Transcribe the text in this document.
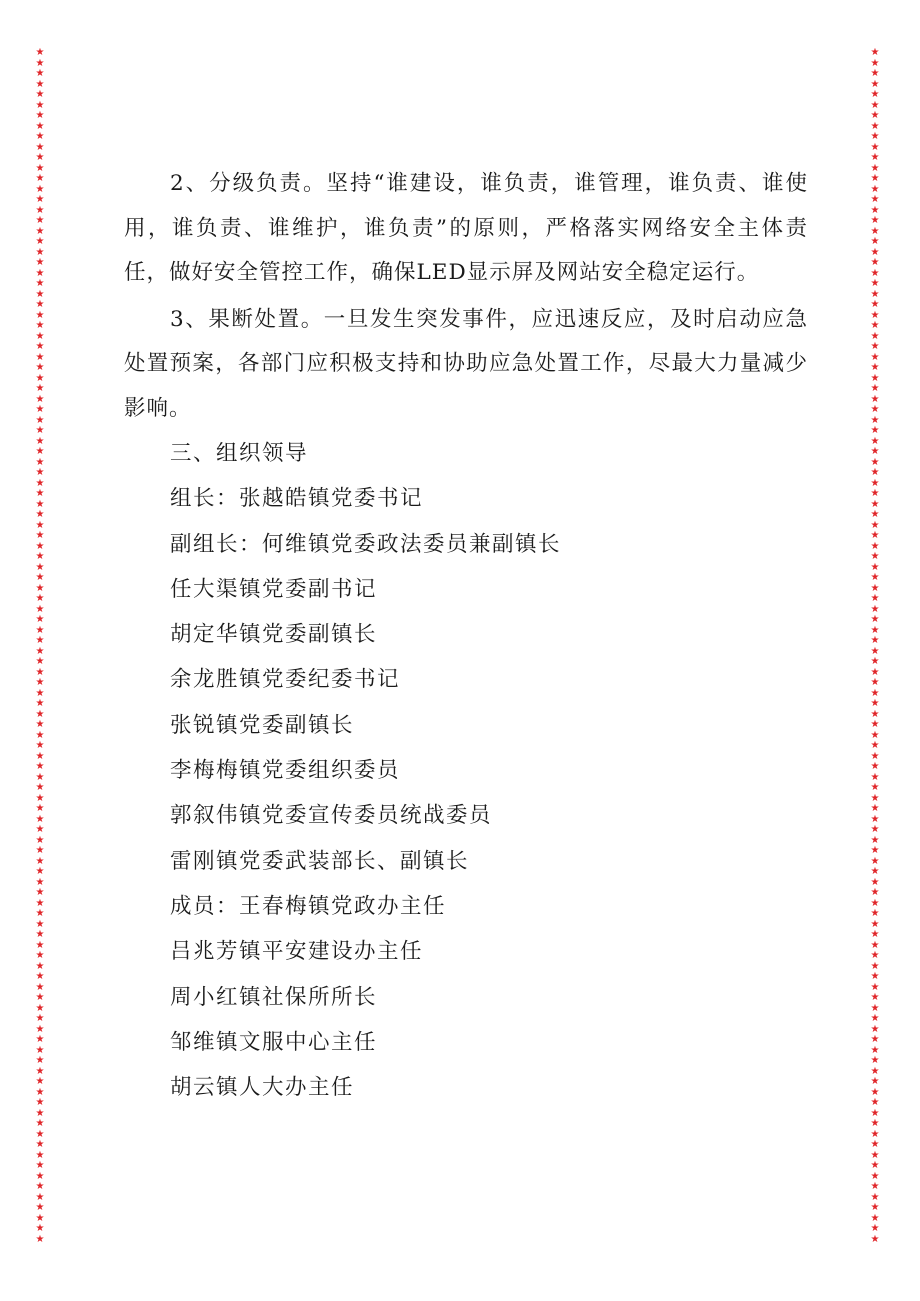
★
★
★
★
★
★
★
★
★
★
★
★
★
★
★
★
★
★
★
★
★
★
★
★
★
★
★
★
★
★
★
★
★
★
★
★
★
★
★
★
★
★
★
★
★
★
★
★
★
★
★
★
★
★
★
★
★
★
★
★
★
★
★
★
★
★
★
★
★
★
★
★
★
★
★
★
★
★
★
★
★
★
★
★
★
★
★
★
★
★
★
★
★
★
★
★
★
★
★
★
★
★
★
★
★
★
★
★
★
★
★
★
★
★
★
★
★
★
★
★
★
★
★
★
★
★
★
★
★
★
★
★
★
★
★
★
★
★
★
★
★
★
★
★
★
★
★
★
★
★
★
★
★
★
★
★
★
★
★
★
★
★
★
★
★
★
★
★
★
★
★
★
★
★
★
★
★
★
★
★
★
★
★
★
★
★
★
★
★
★
★
★
★
★
★
★
★
★
★
★
★
★
★
★
★
★
★
★
★
★
★
★
★
★
★
★
★
★
★
★
★
★
★
★
★
★
★
★

2、分级负责。坚持“谁建设，谁负责，谁管理，谁负责、谁使用，谁负责、谁维护，谁负责”的原则，严格落实网络安全主体责任，做好安全管控工作，确保LED显示屏及网站安全稳定运行。

3、果断处置。一旦发生突发事件，应迅速反应，及时启动应急处置预案，各部门应积极支持和协助应急处置工作，尽最大力量减少影响。

三、组织领导
组长：张越皓镇党委书记
副组长：何维镇党委政法委员兼副镇长
任大渠镇党委副书记
胡定华镇党委副镇长
余龙胜镇党委纪委书记
张锐镇党委副镇长
李梅梅镇党委组织委员
郭叙伟镇党委宣传委员统战委员
雷刚镇党委武装部长、副镇长
成员：王春梅镇党政办主任
吕兆芳镇平安建设办主任
周小红镇社保所所长
邹维镇文服中心主任
胡云镇人大办主任
